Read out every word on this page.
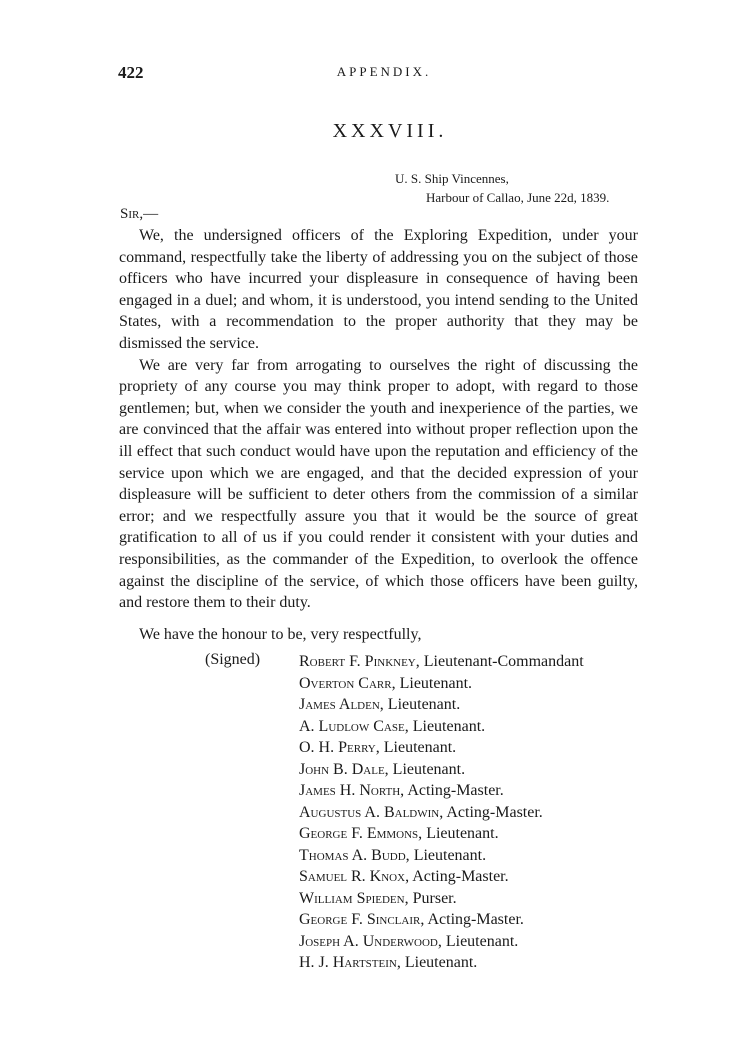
422	APPENDIX.
XXXVIII.
U. S. Ship Vincennes,
Harbour of Callao, June 22d, 1839.
Sir,—

We, the undersigned officers of the Exploring Expedition, under your command, respectfully take the liberty of addressing you on the subject of those officers who have incurred your displeasure in consequence of having been engaged in a duel; and whom, it is understood, you intend sending to the United States, with a recommendation to the proper authority that they may be dismissed the service.

We are very far from arrogating to ourselves the right of discussing the propriety of any course you may think proper to adopt, with regard to those gentlemen; but, when we consider the youth and inexperience of the parties, we are convinced that the affair was entered into without proper reflection upon the ill effect that such conduct would have upon the reputation and efficiency of the service upon which we are engaged, and that the decided expression of your displeasure will be sufficient to deter others from the commission of a similar error; and we respectfully assure you that it would be the source of great gratification to all of us if you could render it consistent with your duties and responsibilities, as the commander of the Expedition, to overlook the offence against the discipline of the service, of which those officers have been guilty, and restore them to their duty.

We have the honour to be, very respectfully,
(Signed) Robert F. Pinkney, Lieutenant-Commandant
Overton Carr, Lieutenant.
James Alden, Lieutenant.
A. Ludlow Case, Lieutenant.
O. H. Perry, Lieutenant.
John B. Dale, Lieutenant.
James H. North, Acting-Master.
Augustus A. Baldwin, Acting-Master.
George F. Emmons, Lieutenant.
Thomas A. Budd, Lieutenant.
Samuel R. Knox, Acting-Master.
William Spieden, Purser.
George F. Sinclair, Acting-Master.
Joseph A. Underwood, Lieutenant.
H. J. Hartstein, Lieutenant.
